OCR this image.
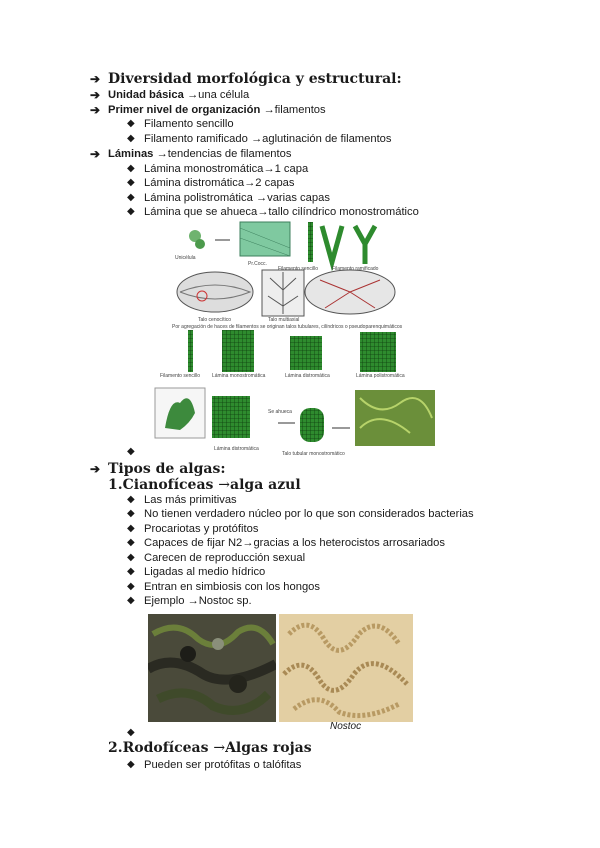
➔ Diversidad morfológica y estructural:
➔ Unidad básica →una célula
➔ Primer nivel de organización →filamentos
◆ Filamento sencillo
◆ Filamento ramificado →aglutinación de filamentos
➔ Láminas →tendencias de filamentos
◆ Lámina monostromática→1 capa
◆ Lámina distromática→2 capas
◆ Lámina polistromática →varias capas
◆ Lámina que se ahueca→tallo cilíndrico monostromático
Unicélula
Pr.Cocc.
Filamento sencillo	Filamento ramificado
Talo cenocítico	Talo multiaxial
Por agregación de haces de filamentos se originan talos tubulares, cilíndricos o pseudoparenquimáticos
Filamento sencillo Lámina monostromática	Lámina distromática	Lámina polistromática
Lámina distromática
Se ahueca
Talo tubular monostromático
◆
➔ Tipos de algas:
1.Cianofíceas →alga azul
◆ Las más primitivas
◆ No tienen verdadero núcleo por lo que son considerados bacterias
◆ Procariotas y protófitos
◆ Capaces de fijar N2→gracias a los heterocistos arrosariados
◆ Carecen de reproducción sexual
◆ Ligadas al medio hídrico
◆ Entran en simbiosis con los hongos
◆ Ejemplo →Nostoc sp.
Nostoc
◆
2.Rodofíceas →Algas rojas
◆ Pueden ser protófitas o talófitas
